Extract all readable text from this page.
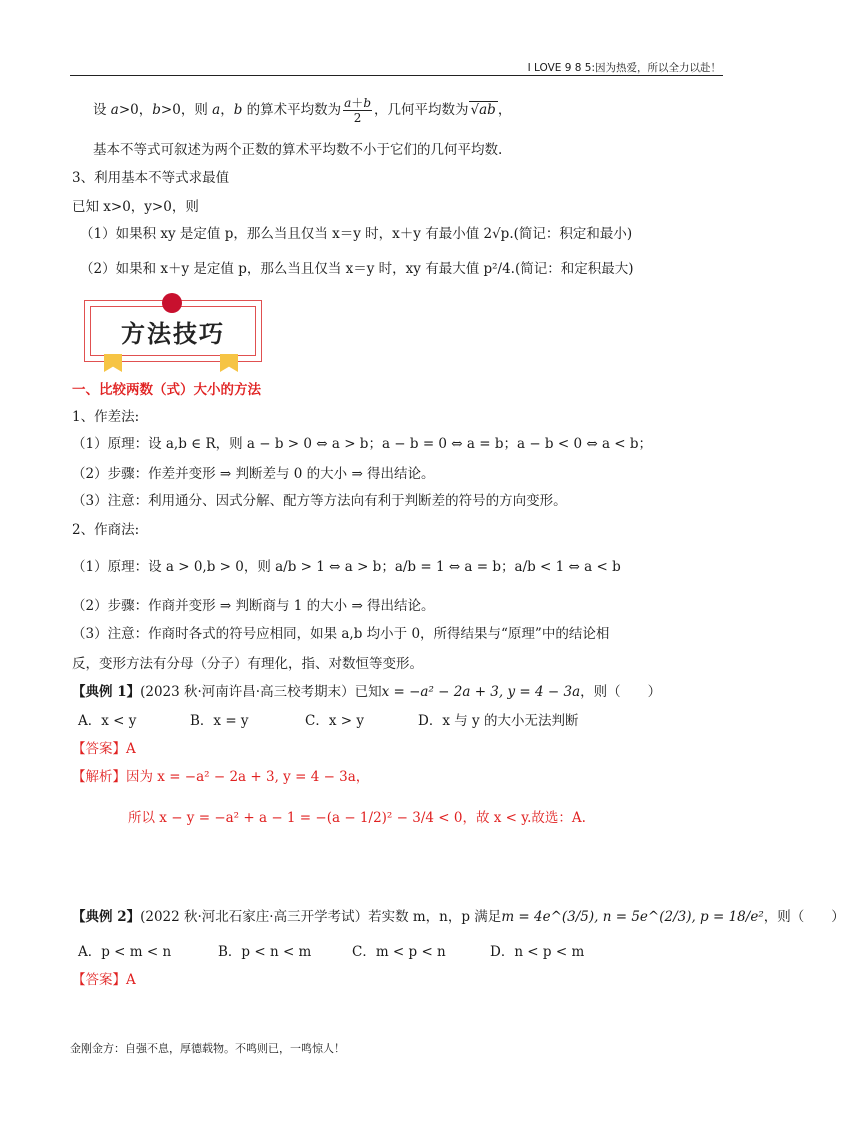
I LOVE 9 8 5:因为热爱，所以全力以赴！
设 a>0，b>0，则 a，b 的算术平均数为 $\frac{a+b}{2}$ ，几何平均数为 √ab ，
基本不等式可叙述为两个正数的算术平均数不小于它们的几何平均数.
3、利用基本不等式求最值
已知 x>0，y>0，则
（1）如果积 xy 是定值 p，那么当且仅当 x＝y 时，x＋y 有最小值 2√p.(简记：积定和最小)
（2）如果和 x＋y 是定值 p，那么当且仅当 x＝y 时，xy 有最大值 p²/4.(简记：和定积最大)
方法技巧
一、比较两数（式）大小的方法
1、作差法:
（1）原理：设 a,b ∈ R，则 a − b > 0 ⇔ a > b；a − b = 0 ⇔ a = b；a − b < 0 ⇔ a < b；
（2）步骤：作差并变形 ⇒ 判断差与 0 的大小 ⇒ 得出结论。
（3）注意：利用通分、因式分解、配方等方法向有利于判断差的符号的方向变形。
2、作商法:
（1）原理：设 a > 0,b > 0，则 a/b > 1 ⇔ a > b；a/b = 1 ⇔ a = b；a/b < 1 ⇔ a < b
（2）步骤：作商并变形 ⇒ 判断商与 1 的大小 ⇒ 得出结论。
（3）注意：作商时各式的符号应相同，如果 a,b 均小于 0，所得结果与“原理”中的结论相
反，变形方法有分母（分子）有理化，指、对数恒等变形。
【典例 1】(2023 秋·河南许昌·高三校考期末）已知x = −a² − 2a + 3, y = 4 − 3a，则（　　）
A．x < y	B．x = y	C．x > y	D．x 与 y 的大小无法判断
【答案】A
【解析】因为 x = −a² − 2a + 3, y = 4 − 3a，
所以 x − y = −a² + a − 1 = −(a − 1/2)² − 3/4 < 0，故 x < y.故选：A.
【典例 2】(2022 秋·河北石家庄·高三开学考试）若实数 m，n，p 满足m = 4e^(3/5), n = 5e^(2/3), p = 18/e²，则（　　）
A．p < m < n	B．p < n < m	C．m < p < n	D．n < p < m
【答案】A
金刚金方：自强不息，厚德载物。不鸣则已，一鸣惊人！
